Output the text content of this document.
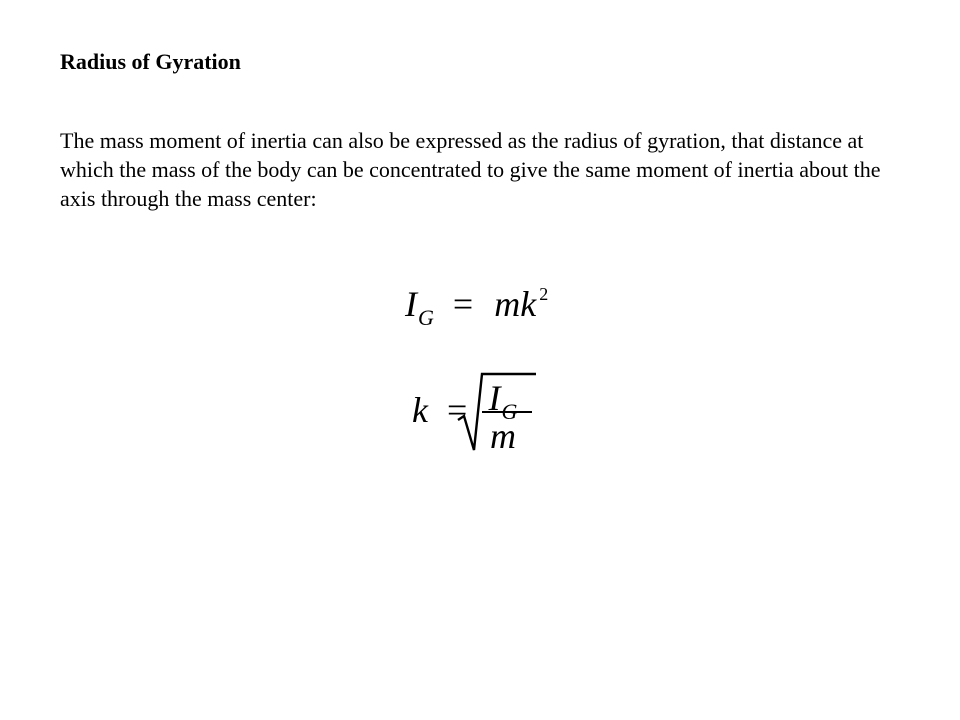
Radius of Gyration

The mass moment of inertia can also be expressed as the radius of gyration, that distance at which the mass of the body can be concentrated to give the same moment of inertia about the axis through the mass center:

IG = mk 2
k = IG
m
